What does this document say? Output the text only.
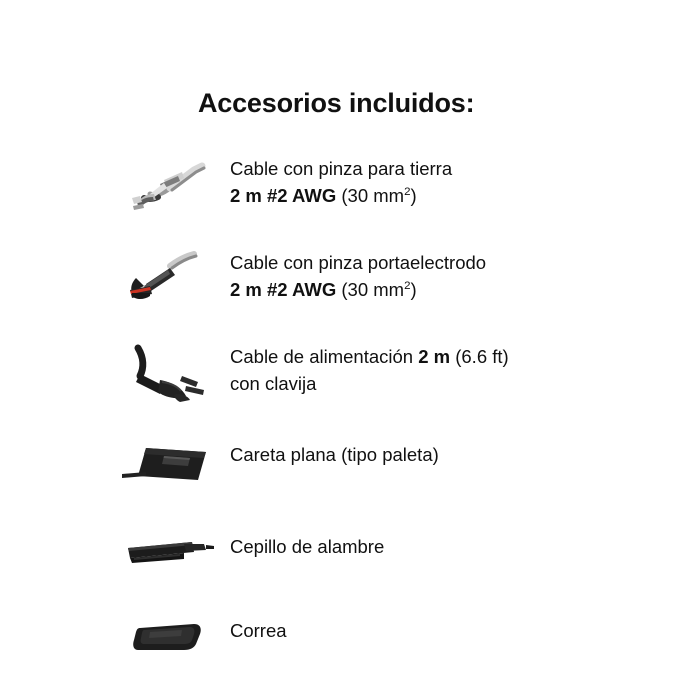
Accesorios incluidos:
Cable con pinza para tierra
2 m #2 AWG (30 $mm^2$)
Cable con pinza portaelectrodo
2 m #2 AWG (30 $mm^2$)
Cable de alimentación 2 m (6.6 ft)
con clavija
Careta plana (tipo paleta)
Cepillo de alambre
Correa
